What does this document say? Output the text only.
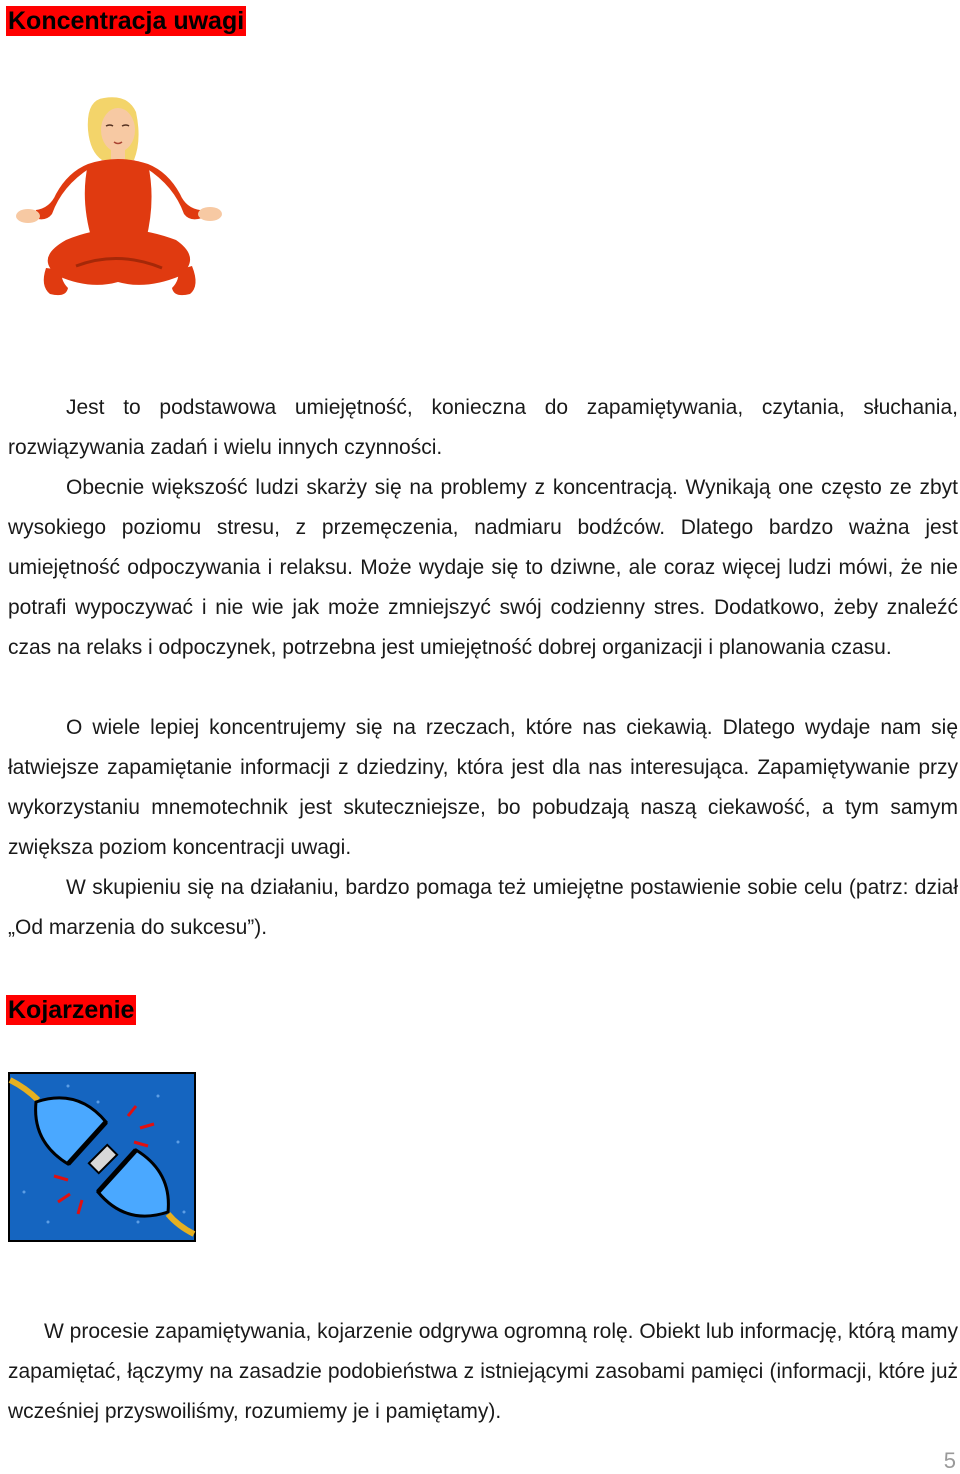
Koncentracja uwagi

Jest to podstawowa umiejętność, konieczna do zapamiętywania, czytania, słuchania, rozwiązywania zadań i wielu innych czynności.

Obecnie większość ludzi skarży się na problemy z koncentracją. Wynikają one często ze zbyt wysokiego poziomu stresu, z przemęczenia, nadmiaru bodźców. Dlatego bardzo ważna jest umiejętność odpoczywania i relaksu. Może wydaje się to dziwne, ale coraz więcej ludzi mówi, że nie potrafi wypoczywać i nie wie jak może zmniejszyć swój codzienny stres. Dodatkowo, żeby znaleźć czas na relaks i odpoczynek, potrzebna jest umiejętność dobrej organizacji i planowania czasu.

O wiele lepiej koncentrujemy się na rzeczach, które nas ciekawią. Dlatego wydaje nam się łatwiejsze zapamiętanie informacji z dziedziny, która jest dla nas interesująca. Zapamiętywanie przy wykorzystaniu mnemotechnik jest skuteczniejsze, bo pobudzają naszą ciekawość, a tym samym zwiększa poziom koncentracji uwagi.

W skupieniu się na działaniu, bardzo pomaga też umiejętne postawienie sobie celu (patrz: dział „Od marzenia do sukcesu”).

Kojarzenie

W procesie zapamiętywania, kojarzenie odgrywa ogromną rolę. Obiekt lub informację, którą mamy zapamiętać, łączymy na zasadzie podobieństwa z istniejącymi zasobami pamięci (informacji, które już wcześniej przyswoiliśmy, rozumiemy je i pamiętamy).

5
